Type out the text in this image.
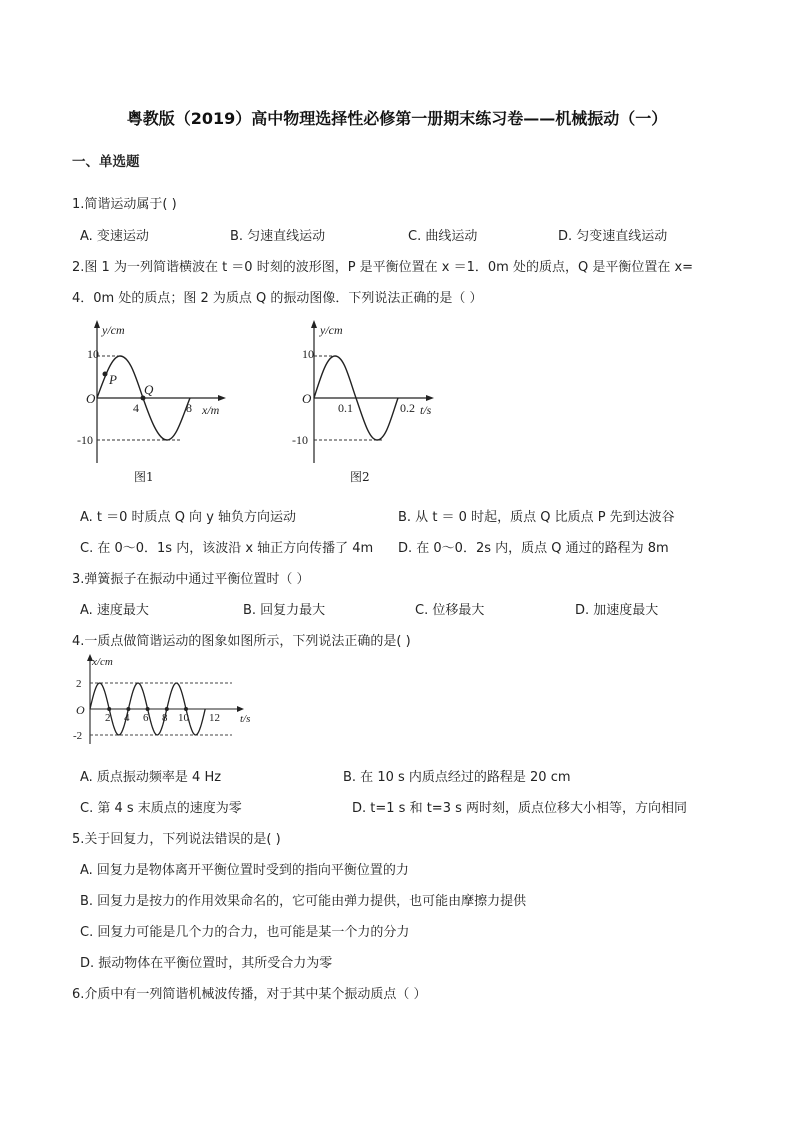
粤教版（2019）高中物理选择性必修第一册期末练习卷——机械振动（一）
一、单选题
1.简谐运动属于( )
A. 变速运动	B. 匀速直线运动	C. 曲线运动	D. 匀变速直线运动
2.图 1 为一列简谐横波在 t ＝0 时刻的波形图，P 是平衡位置在 x ＝1．0m 处的质点，Q 是平衡位置在 x=
4．0m 处的质点；图 2 为质点 Q 的振动图像．下列说法正确的是（ ）
10
-10
O
y/cm
x/m
4	8
P
Q
图1
10
-10
O
y/cm
t/s
0.1	0.2
图2
A. t ＝0 时质点 Q 向 y 轴负方向运动	B. 从 t ＝ 0 时起，质点 Q 比质点 P 先到达波谷
C. 在 0～0．1s 内，该波沿 x 轴正方向传播了 4m D. 在 0～0．2s 内，质点 Q 通过的路程为 8m
3.弹簧振子在振动中通过平衡位置时（ ）
A. 速度最大	B. 回复力最大	C. 位移最大	D. 加速度最大
4.一质点做简谐运动的图象如图所示，下列说法正确的是( )
2
-2
O
x/cm
t/s
2 4 6 8 10 12
A. 质点振动频率是 4 Hz	B. 在 10 s 内质点经过的路程是 20 cm
C. 第 4 s 末质点的速度为零	D. t=1 s 和 t=3 s 两时刻，质点位移大小相等，方向相同
5.关于回复力，下列说法错误的是( )
A. 回复力是物体离开平衡位置时受到的指向平衡位置的力
B. 回复力是按力的作用效果命名的，它可能由弹力提供，也可能由摩擦力提供
C. 回复力可能是几个力的合力，也可能是某一个力的分力
D. 振动物体在平衡位置时，其所受合力为零
6.介质中有一列简谐机械波传播，对于其中某个振动质点（ ）
